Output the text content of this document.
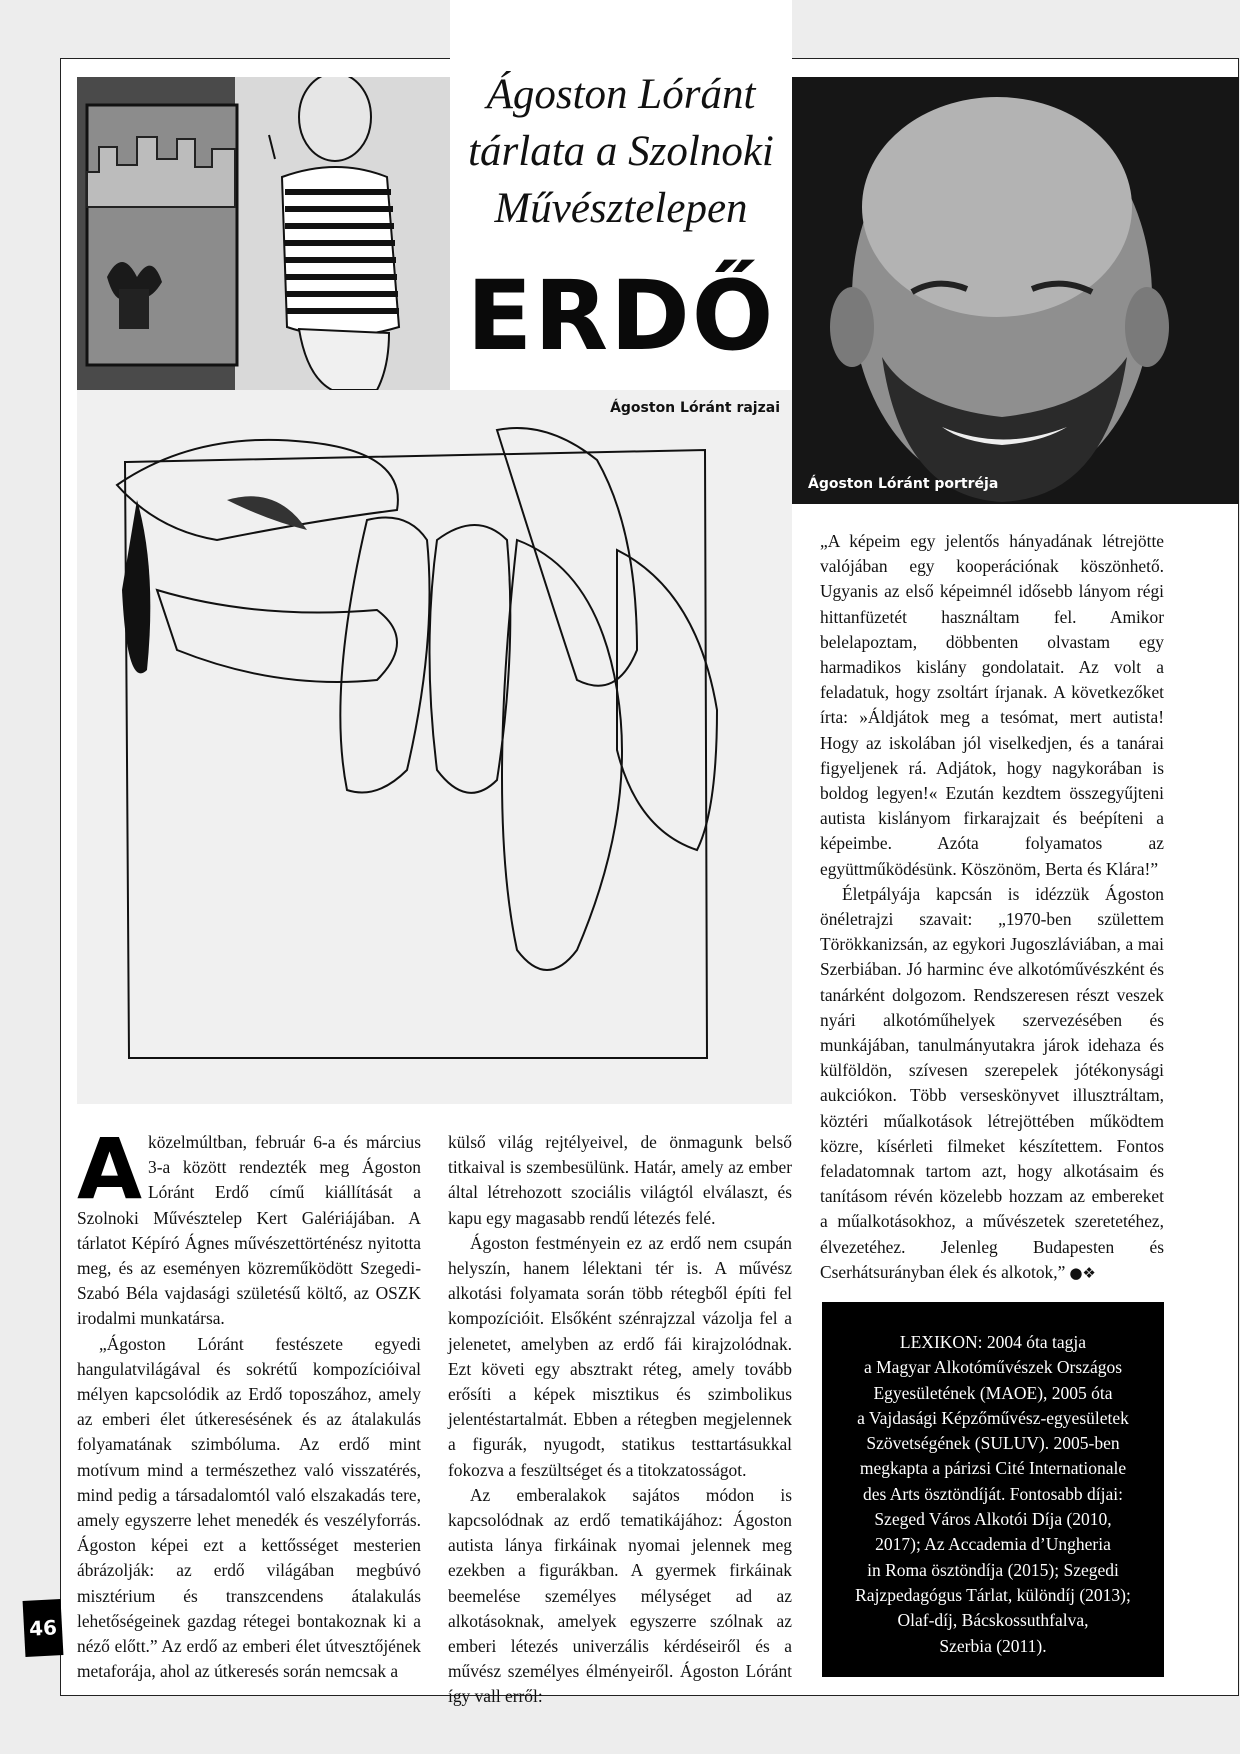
Ágoston Lóránt
tárlata a Szolnoki
Művésztelepen
ERDŐ
Ágoston Lóránt portréja
Ágoston Lóránt rajzai

Aközelmúltban, február 6-a és március 3-a között rendezték meg Ágoston Lóránt Erdő című kiállítását a Szolnoki Művésztelep Kert Galériájában. A tárlatot Képíró Ágnes művészettörténész nyitotta meg, és az eseményen közreműködött Szegedi-Szabó Béla vajdasági születésű költő, az OSZK irodalmi munkatársa.

„Ágoston Lóránt festészete egyedi hangulatvilágával és sokrétű kompozícióival mélyen kapcsolódik az Erdő toposzához, amely az emberi élet útkeresésének és az átalakulás folyamatának szimbóluma. Az erdő mint motívum mind a természethez való visszatérés, mind pedig a társadalomtól való elszakadás tere, amely egyszerre lehet menedék és veszélyforrás. Ágoston képei ezt a kettősséget mesterien ábrázolják: az erdő világában megbúvó misztérium és transzcendens átalakulás lehetőségeinek gazdag rétegei bontakoznak ki a néző előtt.” Az erdő az emberi élet útvesztőjének metaforája, ahol az útkeresés során nemcsak a

külső világ rejtélyeivel, de önmagunk belső titkaival is szembesülünk. Határ, amely az ember által létrehozott szociális világtól elválaszt, és kapu egy magasabb rendű létezés felé.

Ágoston festményein ez az erdő nem csupán helyszín, hanem lélektani tér is. A művész alkotási folyamata során több rétegből építi fel kompozícióit. Elsőként szénrajzzal vázolja fel a jelenetet, amelyben az erdő fái kirajzolódnak. Ezt követi egy absztrakt réteg, amely tovább erősíti a képek misztikus és szimbolikus jelentéstartalmát. Ebben a rétegben megjelennek a figurák, nyugodt, statikus testtartásukkal fokozva a feszültséget és a titokzatosságot.

Az emberalakok sajátos módon is kapcsolódnak az erdő tematikájához: Ágoston autista lánya firkáinak nyomai jelennek meg ezekben a figurákban. A gyermek firkáinak beemelése személyes mélységet ad az alkotásoknak, amelyek egyszerre szólnak az emberi létezés univerzális kérdéseiről és a művész személyes élményeiről. Ágoston Lóránt így vall erről:

„A képeim egy jelentős hányadának létrejötte valójában egy kooperációnak köszönhető. Ugyanis az első képeimnél idősebb lányom régi hittanfüzetét használtam fel. Amikor belelapoztam, döbbenten olvastam egy harmadikos kislány gondolatait. Az volt a feladatuk, hogy zsoltárt írjanak. A következőket írta: »Áldjátok meg a tesómat, mert autista! Hogy az iskolában jól viselkedjen, és a tanárai figyeljenek rá. Adjátok, hogy nagykorában is boldog legyen!« Ezután kezdtem összegyűjteni autista kislányom firkarajzait és beépíteni a képeimbe. Azóta folyamatos az együttműködésünk. Köszönöm, Berta és Klára!”

Életpályája kapcsán is idézzük Ágoston önéletrajzi szavait: „1970-ben születtem Törökkanizsán, az egykori Jugoszláviában, a mai Szerbiában. Jó harminc éve alkotóművészként és tanárként dolgozom. Rendszeresen részt veszek nyári alkotóműhelyek szervezésében és munkájában, tanulmányutakra járok idehaza és külföldön, szívesen szerepelek jótékonysági aukciókon. Több verseskönyvet illusztráltam, köztéri műalkotások létrejöttében működtem közre, kísérleti filmeket készítettem. Fontos feladatomnak tartom azt, hogy alkotásaim és tanításom révén közelebb hozzam az embereket a műalkotásokhoz, a művészetek szeretetéhez, élvezetéhez. Jelenleg Budapesten és Cserhátsurányban élek és alkotok,” ●❖

LEXIKON: 2004 óta tagja
a Magyar Alkotóművészek Országos
Egyesületének (MAOE), 2005 óta
a Vajdasági Képzőművész-egyesületek
Szövetségének (SULUV). 2005-ben
megkapta a párizsi Cité Internationale
des Arts ösztöndíját. Fontosabb díjai:
Szeged Város Alkotói Díja (2010,
2017); Az Accademia d’Ungheria
in Roma ösztöndíja (2015); Szegedi
Rajzpedagógus Tárlat, különdíj (2013);
Olaf-díj, Bácskossuthfalva,
Szerbia (2011).
46
